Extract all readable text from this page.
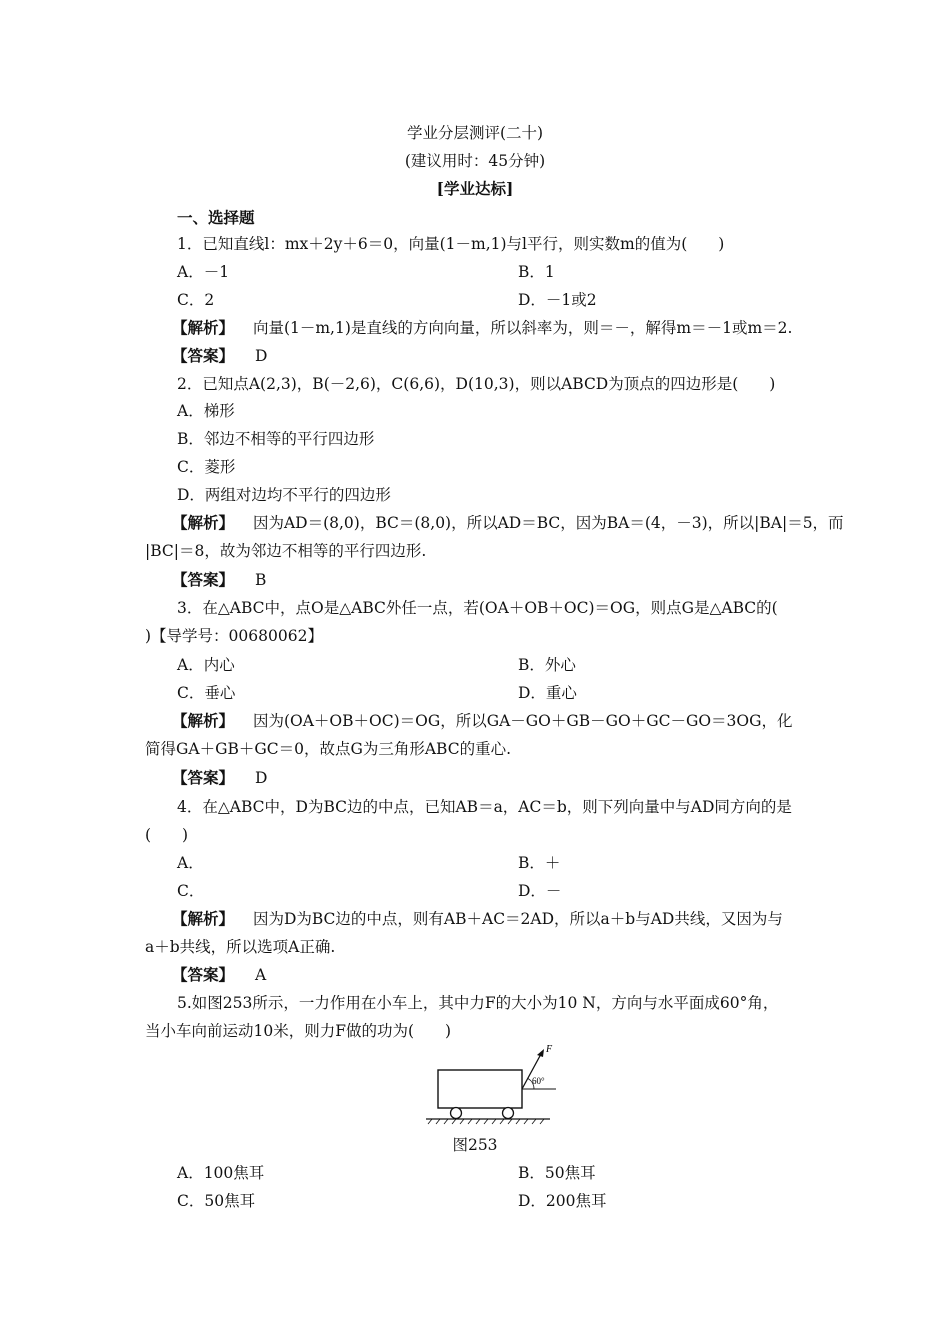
学业分层测评(二十)
(建议用时：45分钟)
[学业达标]
一、选择题
1．已知直线l：mx＋2y＋6＝0，向量(1－m,1)与l平行，则实数m的值为(　　)
A．－1	B．1
C．2	D．－1或2
【解析】 向量(1－m,1)是直线的方向向量，所以斜率为，则＝－，解得m＝－1或m＝2.
【答案】 D
2．已知点A(2,3)，B(－2,6)，C(6,6)，D(10,3)，则以ABCD为顶点的四边形是(　　)
A．梯形
B．邻边不相等的平行四边形
C．菱形
D．两组对边均不平行的四边形
【解析】 因为AD＝(8,0)，BC＝(8,0)，所以AD＝BC，因为BA＝(4，－3)，所以|BA|＝5，而
|BC|＝8，故为邻边不相等的平行四边形.
【答案】 B
3．在△ABC中，点O是△ABC外任一点，若(OA＋OB＋OC)＝OG，则点G是△ABC的(
)【导学号：00680062】
A．内心	B．外心
C．垂心	D．重心
【解析】 因为(OA＋OB＋OC)＝OG，所以GA－GO＋GB－GO＋GC－GO＝3OG，化
简得GA＋GB＋GC＝0，故点G为三角形ABC的重心.
【答案】 D
4．在△ABC中，D为BC边的中点，已知AB＝a，AC＝b，则下列向量中与AD同方向的是
(　　)
A．	B．＋
C．	D．－
【解析】 因为D为BC边的中点，则有AB＋AC＝2AD，所以a＋b与AD共线，又因为与
a＋b共线，所以选项A正确.
【答案】 A
5.如图253所示，一力作用在小车上，其中力F的大小为10 N，方向与水平面成60°角，
当小车向前运动10米，则力F做的功为(　　)
F
60°
图253
A．100焦耳	B．50焦耳
C．50焦耳	D．200焦耳
